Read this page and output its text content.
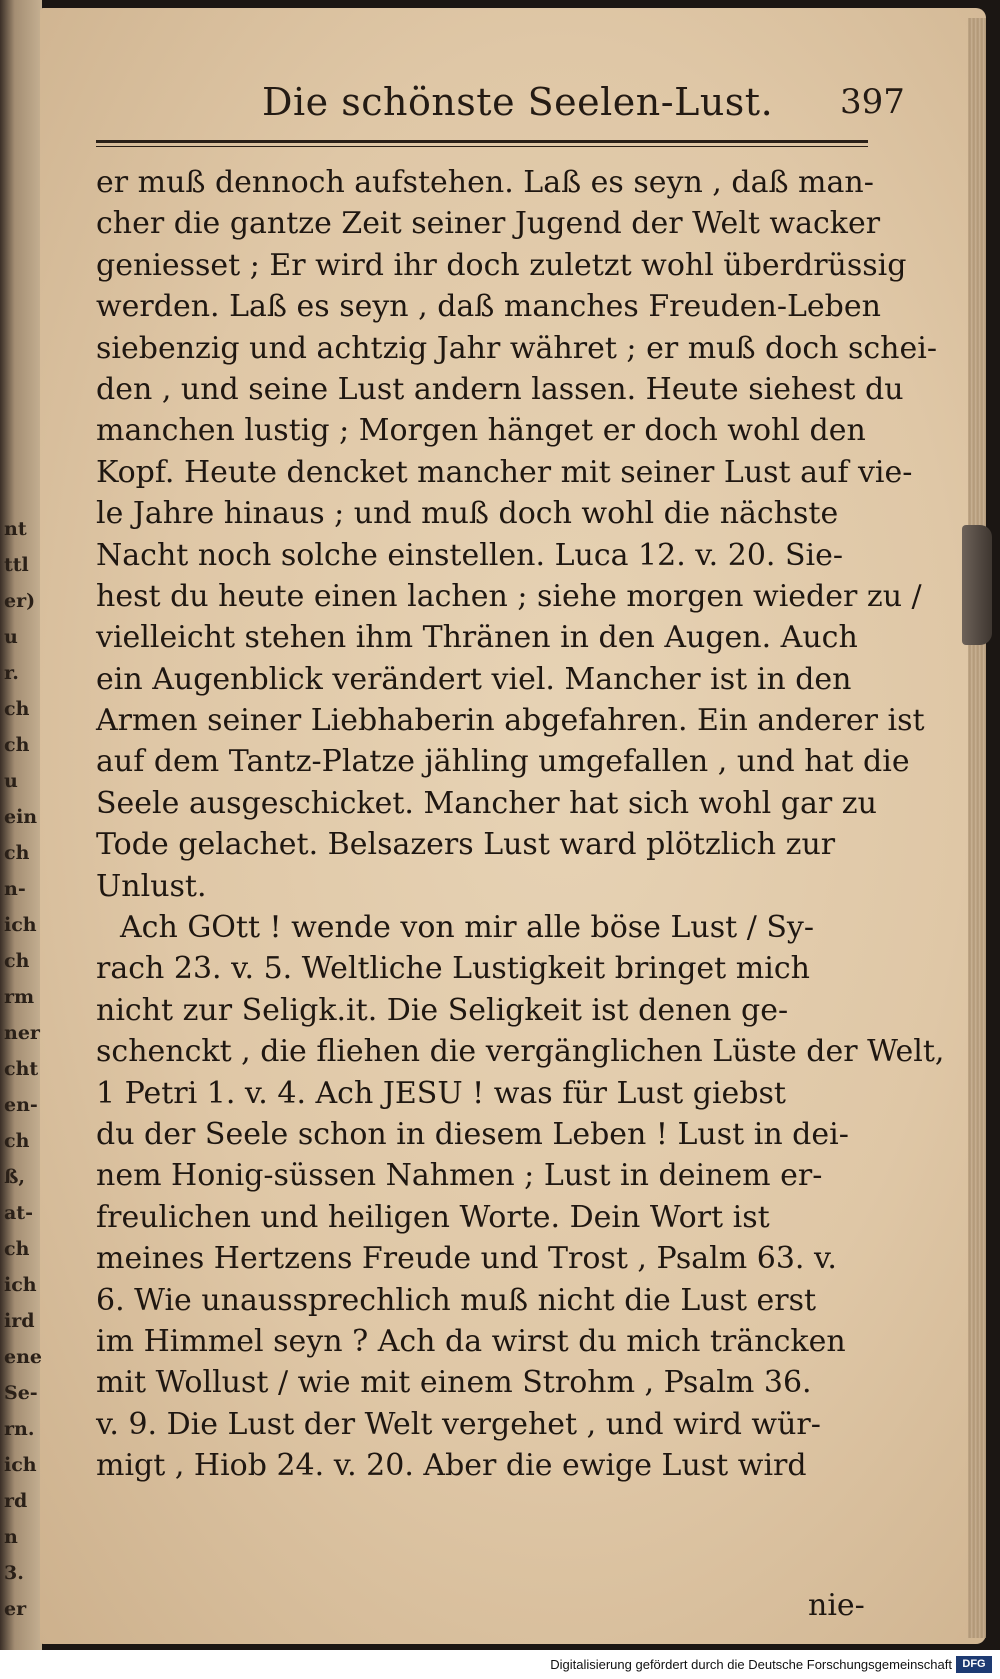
Die schönste Seelen-Lust. 397
er muß dennoch aufstehen. Laß es seyn , daß man-
cher die gantze Zeit seiner Jugend der Welt wacker
geniesset ; Er wird ihr doch zuletzt wohl überdrüssig
werden. Laß es seyn , daß manches Freuden-Leben
siebenzig und achtzig Jahr währet ; er muß doch schei-
den , und seine Lust andern lassen. Heute siehest du
manchen lustig ; Morgen hänget er doch wohl den
Kopf. Heute dencket mancher mit seiner Lust auf vie-
le Jahre hinaus ; und muß doch wohl die nächste
Nacht noch solche einstellen. Luca 12. v. 20. Sie-
hest du heute einen lachen ; siehe morgen wieder zu /
vielleicht stehen ihm Thränen in den Augen. Auch
ein Augenblick verändert viel. Mancher ist in den
Armen seiner Liebhaberin abgefahren. Ein anderer ist
auf dem Tantz-Platze jähling umgefallen , und hat die
Seele ausgeschicket. Mancher hat sich wohl gar zu
Tode gelachet. Belsazers Lust ward plötzlich zur
Unlust.
Ach GOtt ! wende von mir alle böse Lust / Sy-
rach 23. v. 5. Weltliche Lustigkeit bringet mich
nicht zur Seligk.it. Die Seligkeit ist denen ge-
schenckt , die fliehen die vergänglichen Lüste der Welt,
1 Petri 1. v. 4. Ach JESU ! was für Lust giebst
du der Seele schon in diesem Leben ! Lust in dei-
nem Honig-süssen Nahmen ; Lust in deinem er-
freulichen und heiligen Worte. Dein Wort ist
meines Hertzens Freude und Trost , Psalm 63. v.
6. Wie unaussprechlich muß nicht die Lust erst
im Himmel seyn ? Ach da wirst du mich träncken
mit Wollust / wie mit einem Strohm , Psalm 36.
v. 9. Die Lust der Welt vergehet , und wird wür-
migt , Hiob 24. v. 20. Aber die ewige Lust wird
nie-
Digitalisierung gefördert durch die Deutsche Forschungsgemeinschaft DFG
nt
ttl
er)
u
r.
ch
ch
u
ein
ch
n-
ich
ch
rm
ner
cht
en-
ch
ß,
at-
ch
ich
ird
ene
Se-
rn.
ich
rd
n
3.
er
